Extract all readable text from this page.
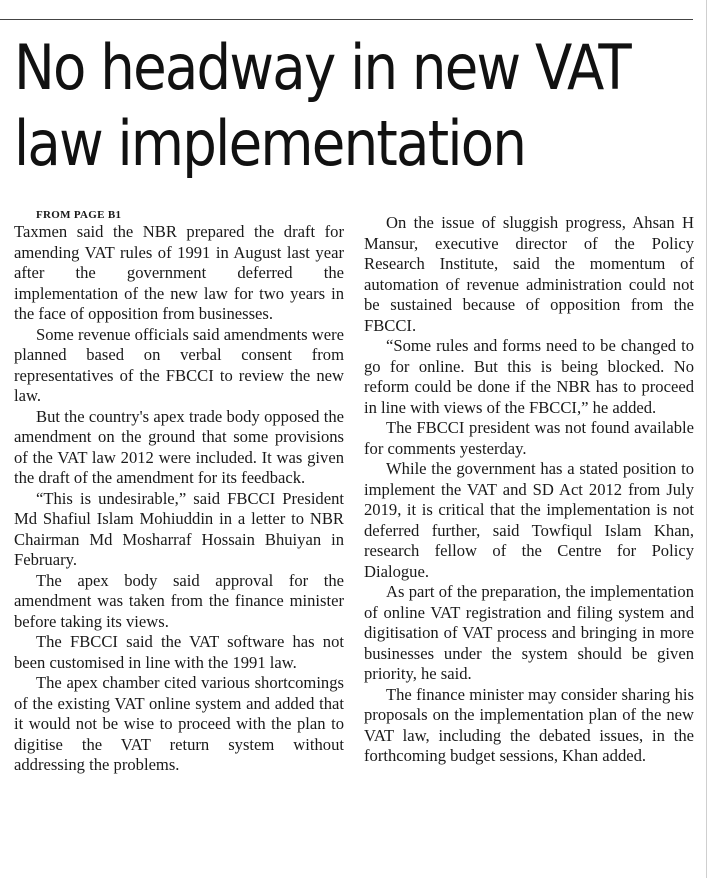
No headway in new VAT
law implementation

FROM PAGE B1

Taxmen said the NBR prepared the draft for amending VAT rules of 1991 in August last year after the government deferred the implementation of the new law for two years in the face of opposition from businesses.

Some revenue officials said amendments were planned based on verbal consent from representatives of the FBCCI to review the new law.

But the country's apex trade body opposed the amendment on the ground that some provisions of the VAT law 2012 were included. It was given the draft of the amendment for its feedback.

“This is undesirable,” said FBCCI President Md Shafiul Islam Mohiuddin in a letter to NBR Chairman Md Mosharraf Hossain Bhuiyan in February.

The apex body said approval for the amendment was taken from the finance minister before taking its views.

The FBCCI said the VAT software has not been customised in line with the 1991 law.

The apex chamber cited various shortcomings of the existing VAT online system and added that it would not be wise to proceed with the plan to digitise the VAT return system without addressing the problems.

On the issue of sluggish progress, Ahsan H Mansur, executive director of the Policy Research Institute, said the momentum of automation of revenue administration could not be sustained because of opposition from the FBCCI.

“Some rules and forms need to be changed to go for online. But this is being blocked. No reform could be done if the NBR has to proceed in line with views of the FBCCI,” he added.

The FBCCI president was not found available for comments yesterday.

While the government has a stated position to implement the VAT and SD Act 2012 from July 2019, it is critical that the implementation is not deferred further, said Towfiqul Islam Khan, research fellow of the Centre for Policy Dialogue.

As part of the preparation, the implementation of online VAT registration and filing system and digitisation of VAT process and bringing in more businesses under the system should be given priority, he said.

The finance minister may consider sharing his proposals on the implementation plan of the new VAT law, including the debated issues, in the forthcoming budget sessions, Khan added.
